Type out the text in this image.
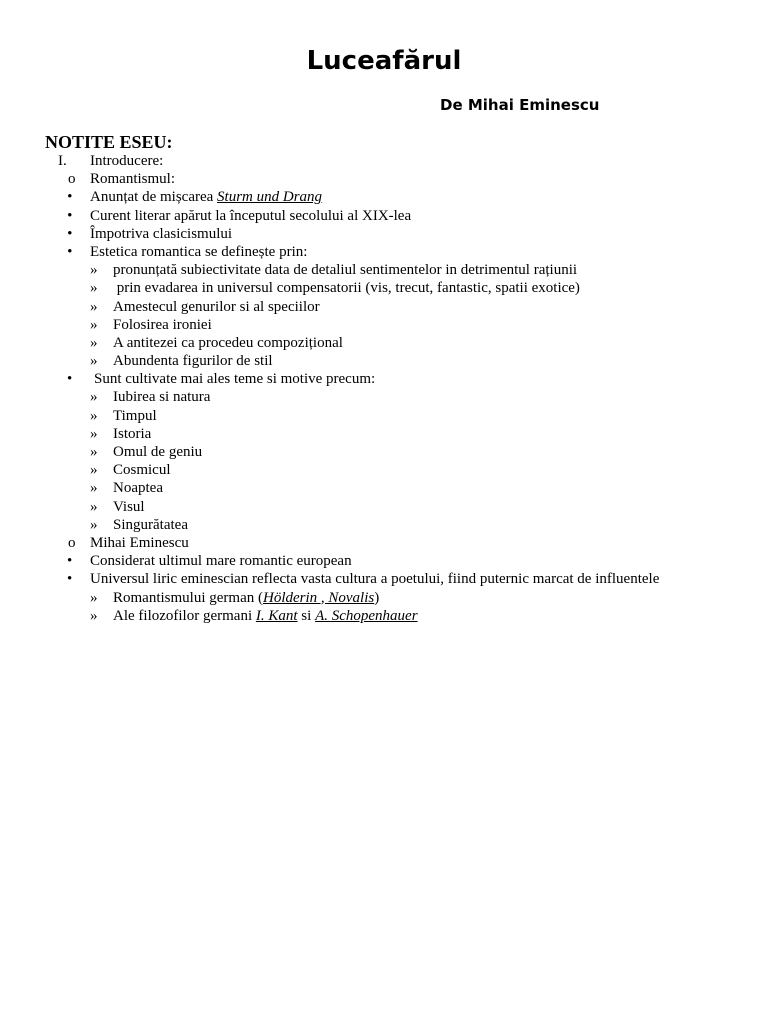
Luceafărul
De Mihai Eminescu
NOTITE ESEU:
I. Introducere:
o Romantismul:
• Anunțat de mișcarea Sturm und Drang
• Curent literar apărut la începutul secolului al XIX-lea
• Împotriva clasicismului
• Estetica romantica se definește prin:
» pronunțată subiectivitate data de detaliul sentimentelor in detrimentul rațiunii
» prin evadarea in universul compensatorii (vis, trecut, fantastic, spatii exotice)
» Amestecul genurilor si al speciilor
» Folosirea ironiei
» A antitezei ca procedeu compozițional
» Abundenta figurilor de stil
• Sunt cultivate mai ales teme si motive precum:
» Iubirea si natura
» Timpul
» Istoria
» Omul de geniu
» Cosmicul
» Noaptea
» Visul
» Singurătatea
o Mihai Eminescu
• Considerat ultimul mare romantic european
• Universul liric eminescian reflecta vasta cultura a poetului, fiind puternic marcat de influentele
» Romantismului german (Hölderin , Novalis)
» Ale filozofilor germani I. Kant si A. Schopenhauer
